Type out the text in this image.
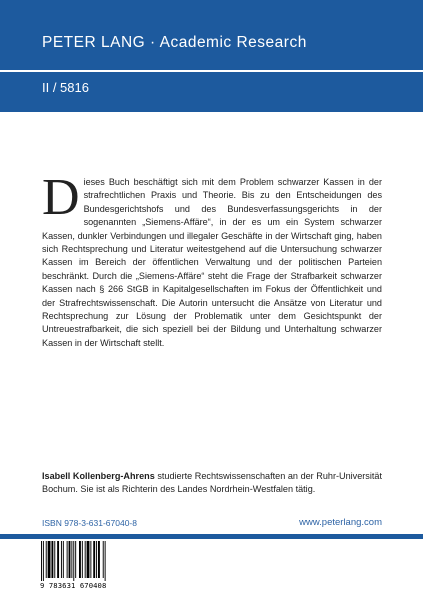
PETER LANG · Academic Research
II / 5816
Dieses Buch beschäftigt sich mit dem Problem schwarzer Kassen in der strafrechtlichen Praxis und Theorie. Bis zu den Entscheidungen des Bundesgerichtshofs und des Bundesverfassungsgerichts in der sogenannten „Siemens-Affäre“, in der es um ein System schwarzer Kassen, dunkler Verbindungen und illegaler Geschäfte in der Wirtschaft ging, haben sich Rechtsprechung und Literatur weitestgehend auf die Untersuchung schwarzer Kassen im Bereich der öffentlichen Verwaltung und der politischen Parteien beschränkt. Durch die „Siemens-Affäre“ steht die Frage der Strafbarkeit schwarzer Kassen nach § 266 StGB in Kapitalgesellschaften im Fokus der Öffentlichkeit und der Strafrechtswissenschaft. Die Autorin untersucht die Ansätze von Literatur und Rechtsprechung zur Lösung der Problematik unter dem Gesichtspunkt der Untreuestrafbarkeit, die sich speziell bei der Bildung und Unterhaltung schwarzer Kassen in der Wirtschaft stellt.
Isabell Kollenberg-Ahrens studierte Rechtswissenschaften an der Ruhr-Universität Bochum. Sie ist als Richterin des Landes Nordrhein-Westfalen tätig.
ISBN 978-3-631-67040-8	www.peterlang.com
9 783631 670408
